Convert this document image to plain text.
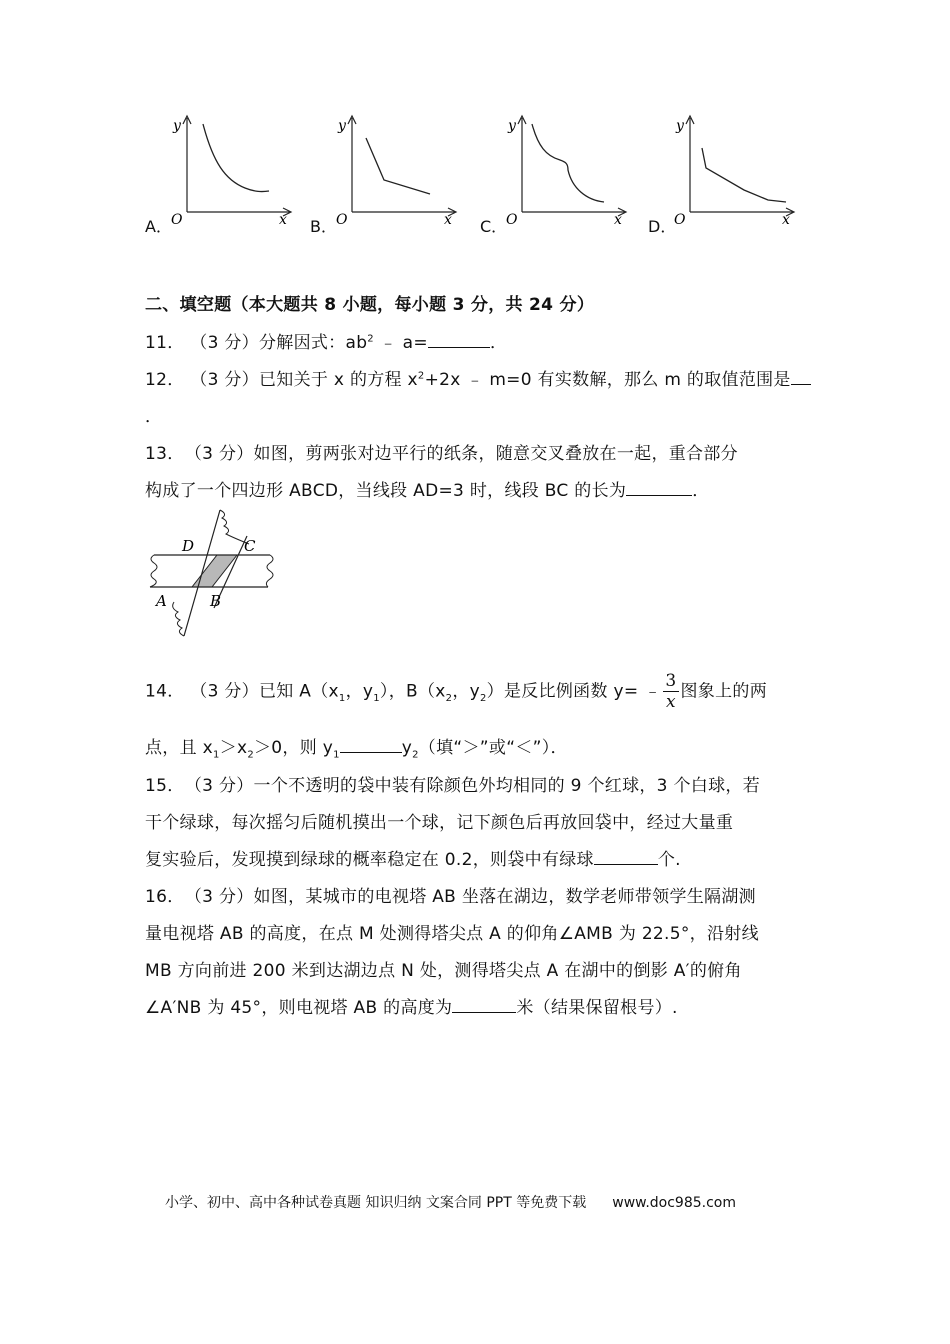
A．
y
O	x B．
y
O	x C．
y
O	x D．
y
O	x
二、填空题（本大题共 8 小题，每小题 3 分，共 24 分）
11． （3 分）分解因式：$ab^2$ ﹣ a=	．
12． （3 分）已知关于 x 的方程 $x^2+2x$ ﹣ m=0 有实数解，那么 m 的取值范围是
．
13．　（3 分）如图，剪两张对边平行的纸条，随意交叉叠放在一起，重合部分
构成了一个四边形 ABCD，当线段 AD=3 时，线段 BC 的长为	．
D	C
A	B
14． （3 分）已知 $A(x_1$，$y_1$），$B(x_2$，$y_2$）是反比例函数 y= ﹣ $\frac{3}{x}$ 图象上的两
点，且 $x_1>x_2>0$，则 $y_1$	$y_2$（填“＞”或“＜”）．
15．　（3 分）一个不透明的袋中装有除颜色外均相同的 9 个红球，3 个白球，若
干个绿球，每次摇匀后随机摸出一个球，记下颜色后再放回袋中，经过大量重
复实验后，发现摸到绿球的概率稳定在 0.2，则袋中有绿球	个.
16．　（3 分）如图，某城市的电视塔 AB 坐落在湖边，数学老师带领学生隔湖测
量电视塔 AB 的高度，在点 M 处测得塔尖点 A 的仰角∠AMB 为 22.5°，沿射线
MB 方向前进 200 米到达湖边点 N 处，测得塔尖点 A 在湖中的倒影 A′的俯角
∠A′NB 为 45°，则电视塔 AB 的高度为	米（结果保留根号）.
小学、初中、高中各种试卷真题 知识归纳 文案合同 PPT 等免费下载 www.doc985.com
